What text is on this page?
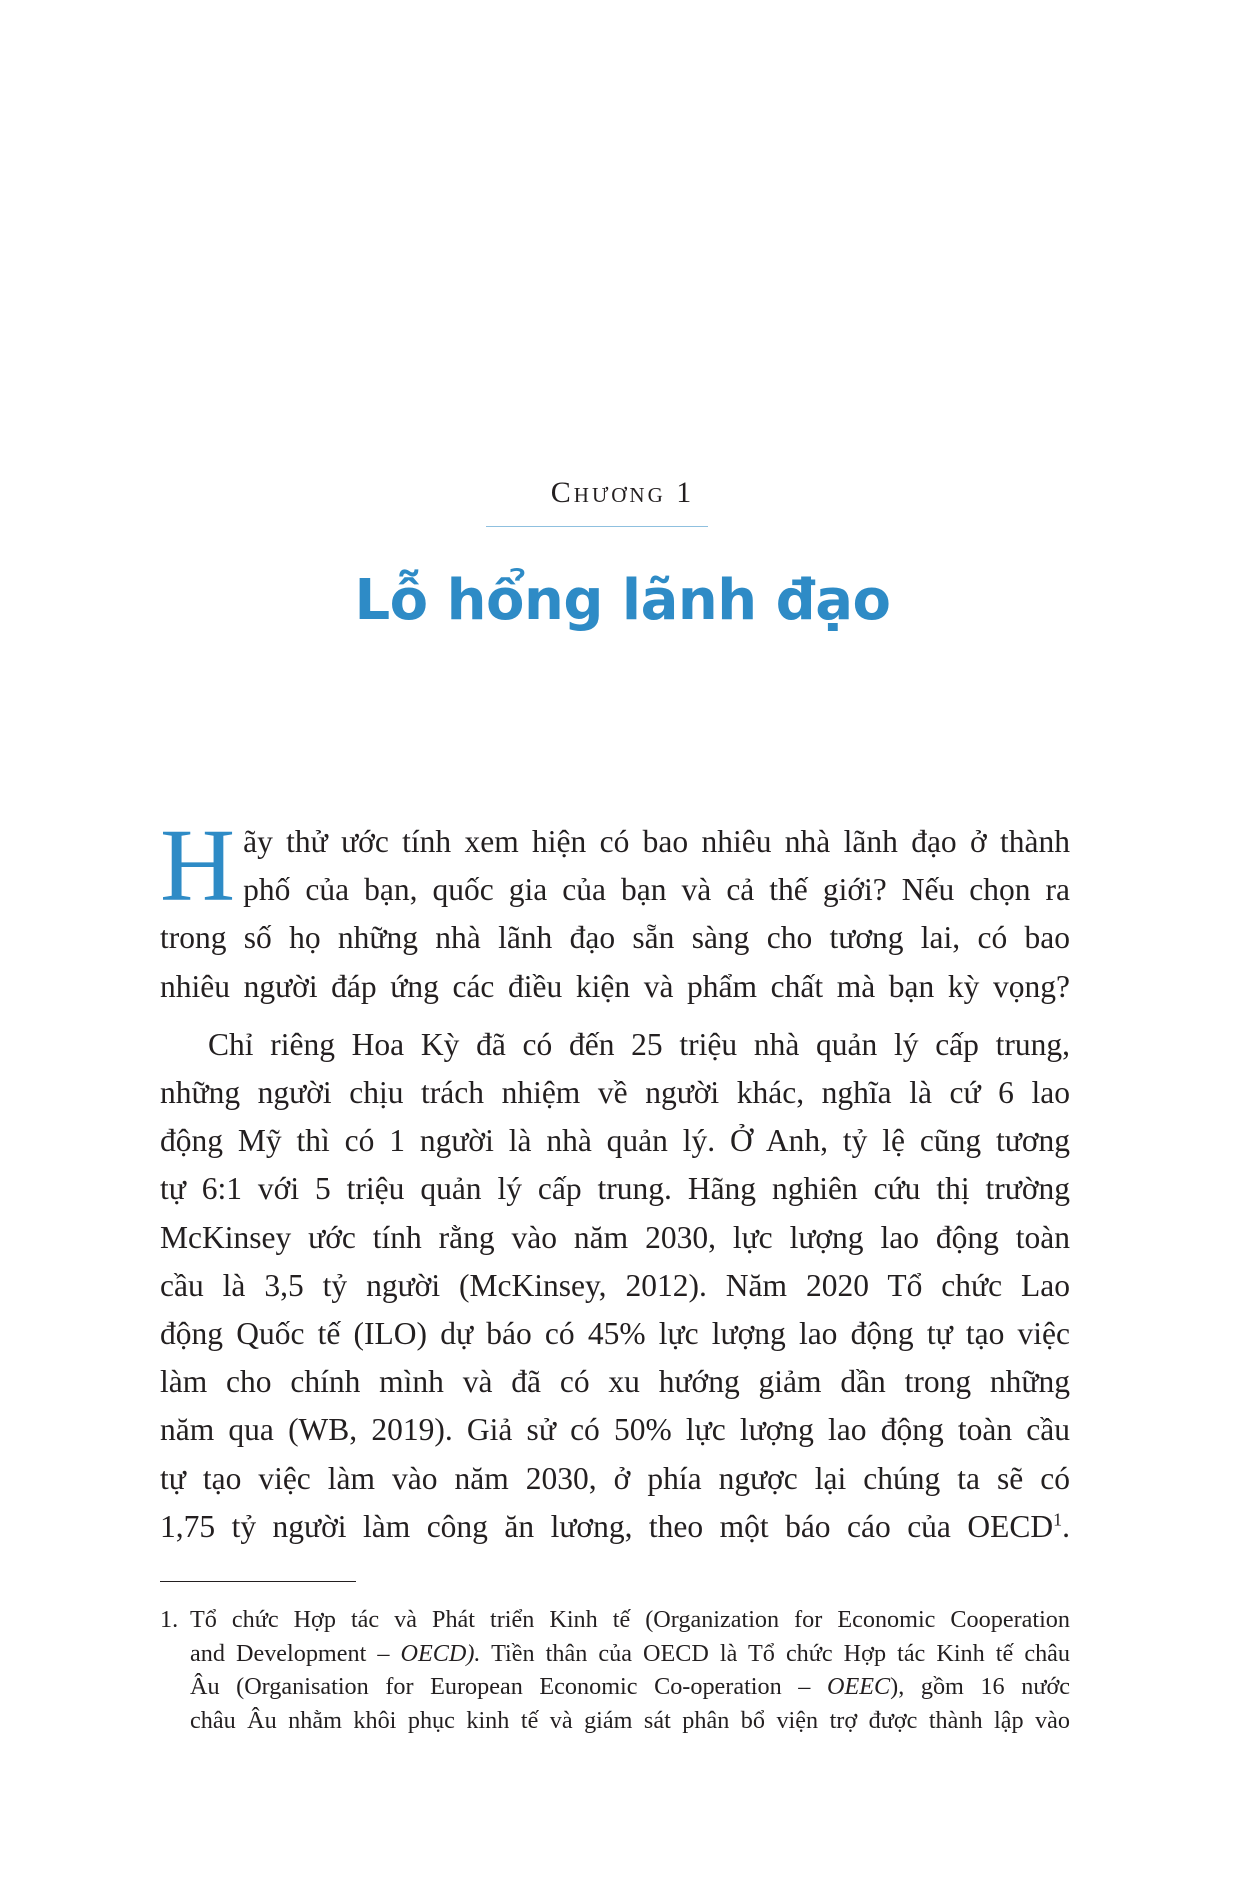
Chương 1
Lỗ hổng lãnh đạo
H ãy thử ước tính xem hiện có bao nhiêu nhà lãnh đạo ở thành
phố của bạn, quốc gia của bạn và cả thế giới? Nếu chọn ra
trong số họ những nhà lãnh đạo sẵn sàng cho tương lai, có bao
nhiêu người đáp ứng các điều kiện và phẩm chất mà bạn kỳ vọng?
Chỉ riêng Hoa Kỳ đã có đến 25 triệu nhà quản lý cấp trung,
những người chịu trách nhiệm về người khác, nghĩa là cứ 6 lao
động Mỹ thì có 1 người là nhà quản lý. Ở Anh, tỷ lệ cũng tương
tự 6:1 với 5 triệu quản lý cấp trung. Hãng nghiên cứu thị trường
McKinsey ước tính rằng vào năm 2030, lực lượng lao động toàn
cầu là 3,5 tỷ người (McKinsey, 2012). Năm 2020 Tổ chức Lao
động Quốc tế (ILO) dự báo có 45% lực lượng lao động tự tạo việc
làm cho chính mình và đã có xu hướng giảm dần trong những
năm qua (WB, 2019). Giả sử có 50% lực lượng lao động toàn cầu
tự tạo việc làm vào năm 2030, ở phía ngược lại chúng ta sẽ có
1,75 tỷ người làm công ăn lương, theo một báo cáo của OECD$^1$.
1. Tổ chức Hợp tác và Phát triển Kinh tế (Organization for Economic Cooperation
and Development – OECD). Tiền thân của OECD là Tổ chức Hợp tác Kinh tế châu
Âu (Organisation for European Economic Co-operation – OEEC), gồm 16 nước
châu Âu nhằm khôi phục kinh tế và giám sát phân bổ viện trợ được thành lập vào
